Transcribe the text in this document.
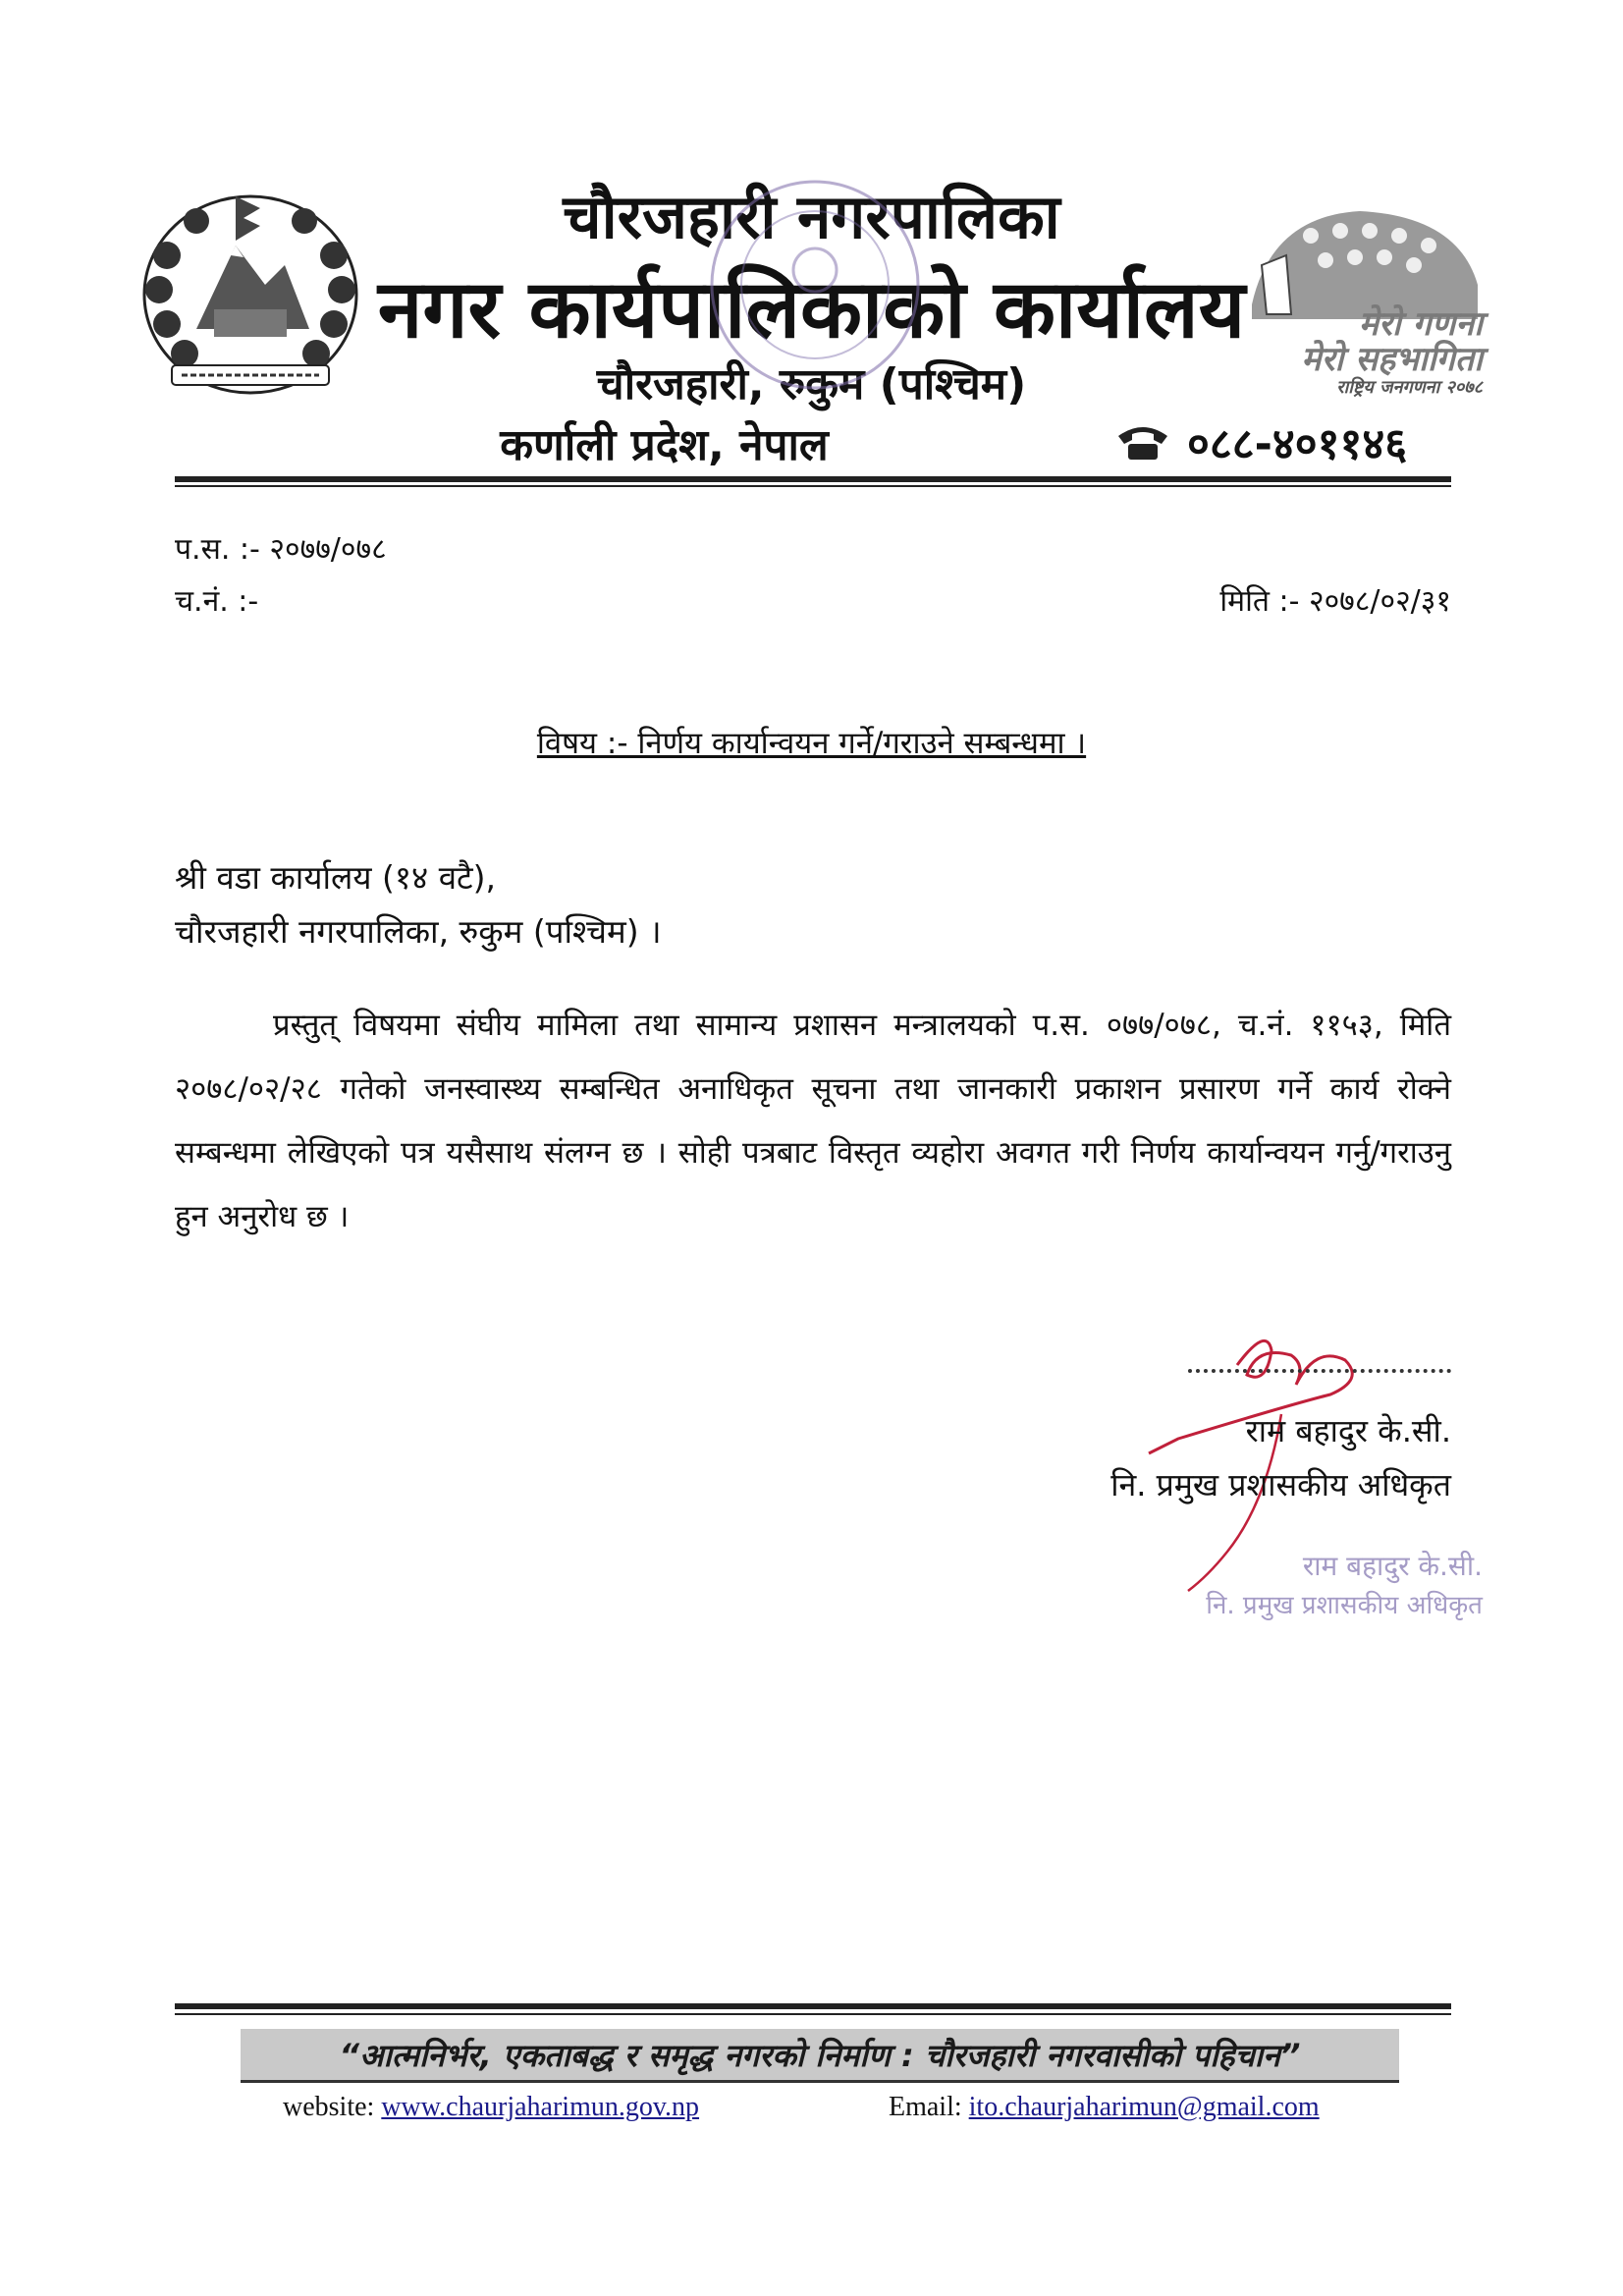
मेरो गणना
मेरो सहभागिता
राष्ट्रिय जनगणना २०७८
चौरजहारी नगरपालिका
नगर कार्यपालिकाको कार्यालय
चौरजहारी, रुकुम (पश्चिम)
कर्णाली प्रदेश, नेपाल	०८८-४०११४६
प.स. :- २०७७/०७८
च.नं. :-	मिति :- २०७८/०२/३१
विषय :- निर्णय कार्यान्वयन गर्ने/गराउने सम्बन्धमा ।
श्री वडा कार्यालय (१४ वटै),
चौरजहारी नगरपालिका, रुकुम (पश्चिम) ।

प्रस्तुत् विषयमा संघीय मामिला तथा सामान्य प्रशासन मन्त्रालयको प.स. ०७७/०७८, च.नं. ११५३, मिति २०७८/०२/२८ गतेको जनस्वास्थ्य सम्बन्धित अनाधिकृत सूचना तथा जानकारी प्रकाशन प्रसारण गर्ने कार्य रोक्ने सम्बन्धमा लेखिएको पत्र यसैसाथ संलग्न छ । सोही पत्रबाट विस्तृत व्यहोरा अवगत गरी निर्णय कार्यान्वयन गर्नु/गराउनु हुन अनुरोध छ ।

राम बहादुर के.सी.
नि. प्रमुख प्रशासकीय अधिकृत
राम बहादुर के.सी.
नि. प्रमुख प्रशासकीय अधिकृत
“आत्मनिर्भर, एकताबद्ध र समृद्ध नगरको निर्माण : चौरजहारी नगरवासीको पहिचान”
website: www.chaurjaharimun.gov.np	Email: ito.chaurjaharimun@gmail.com
